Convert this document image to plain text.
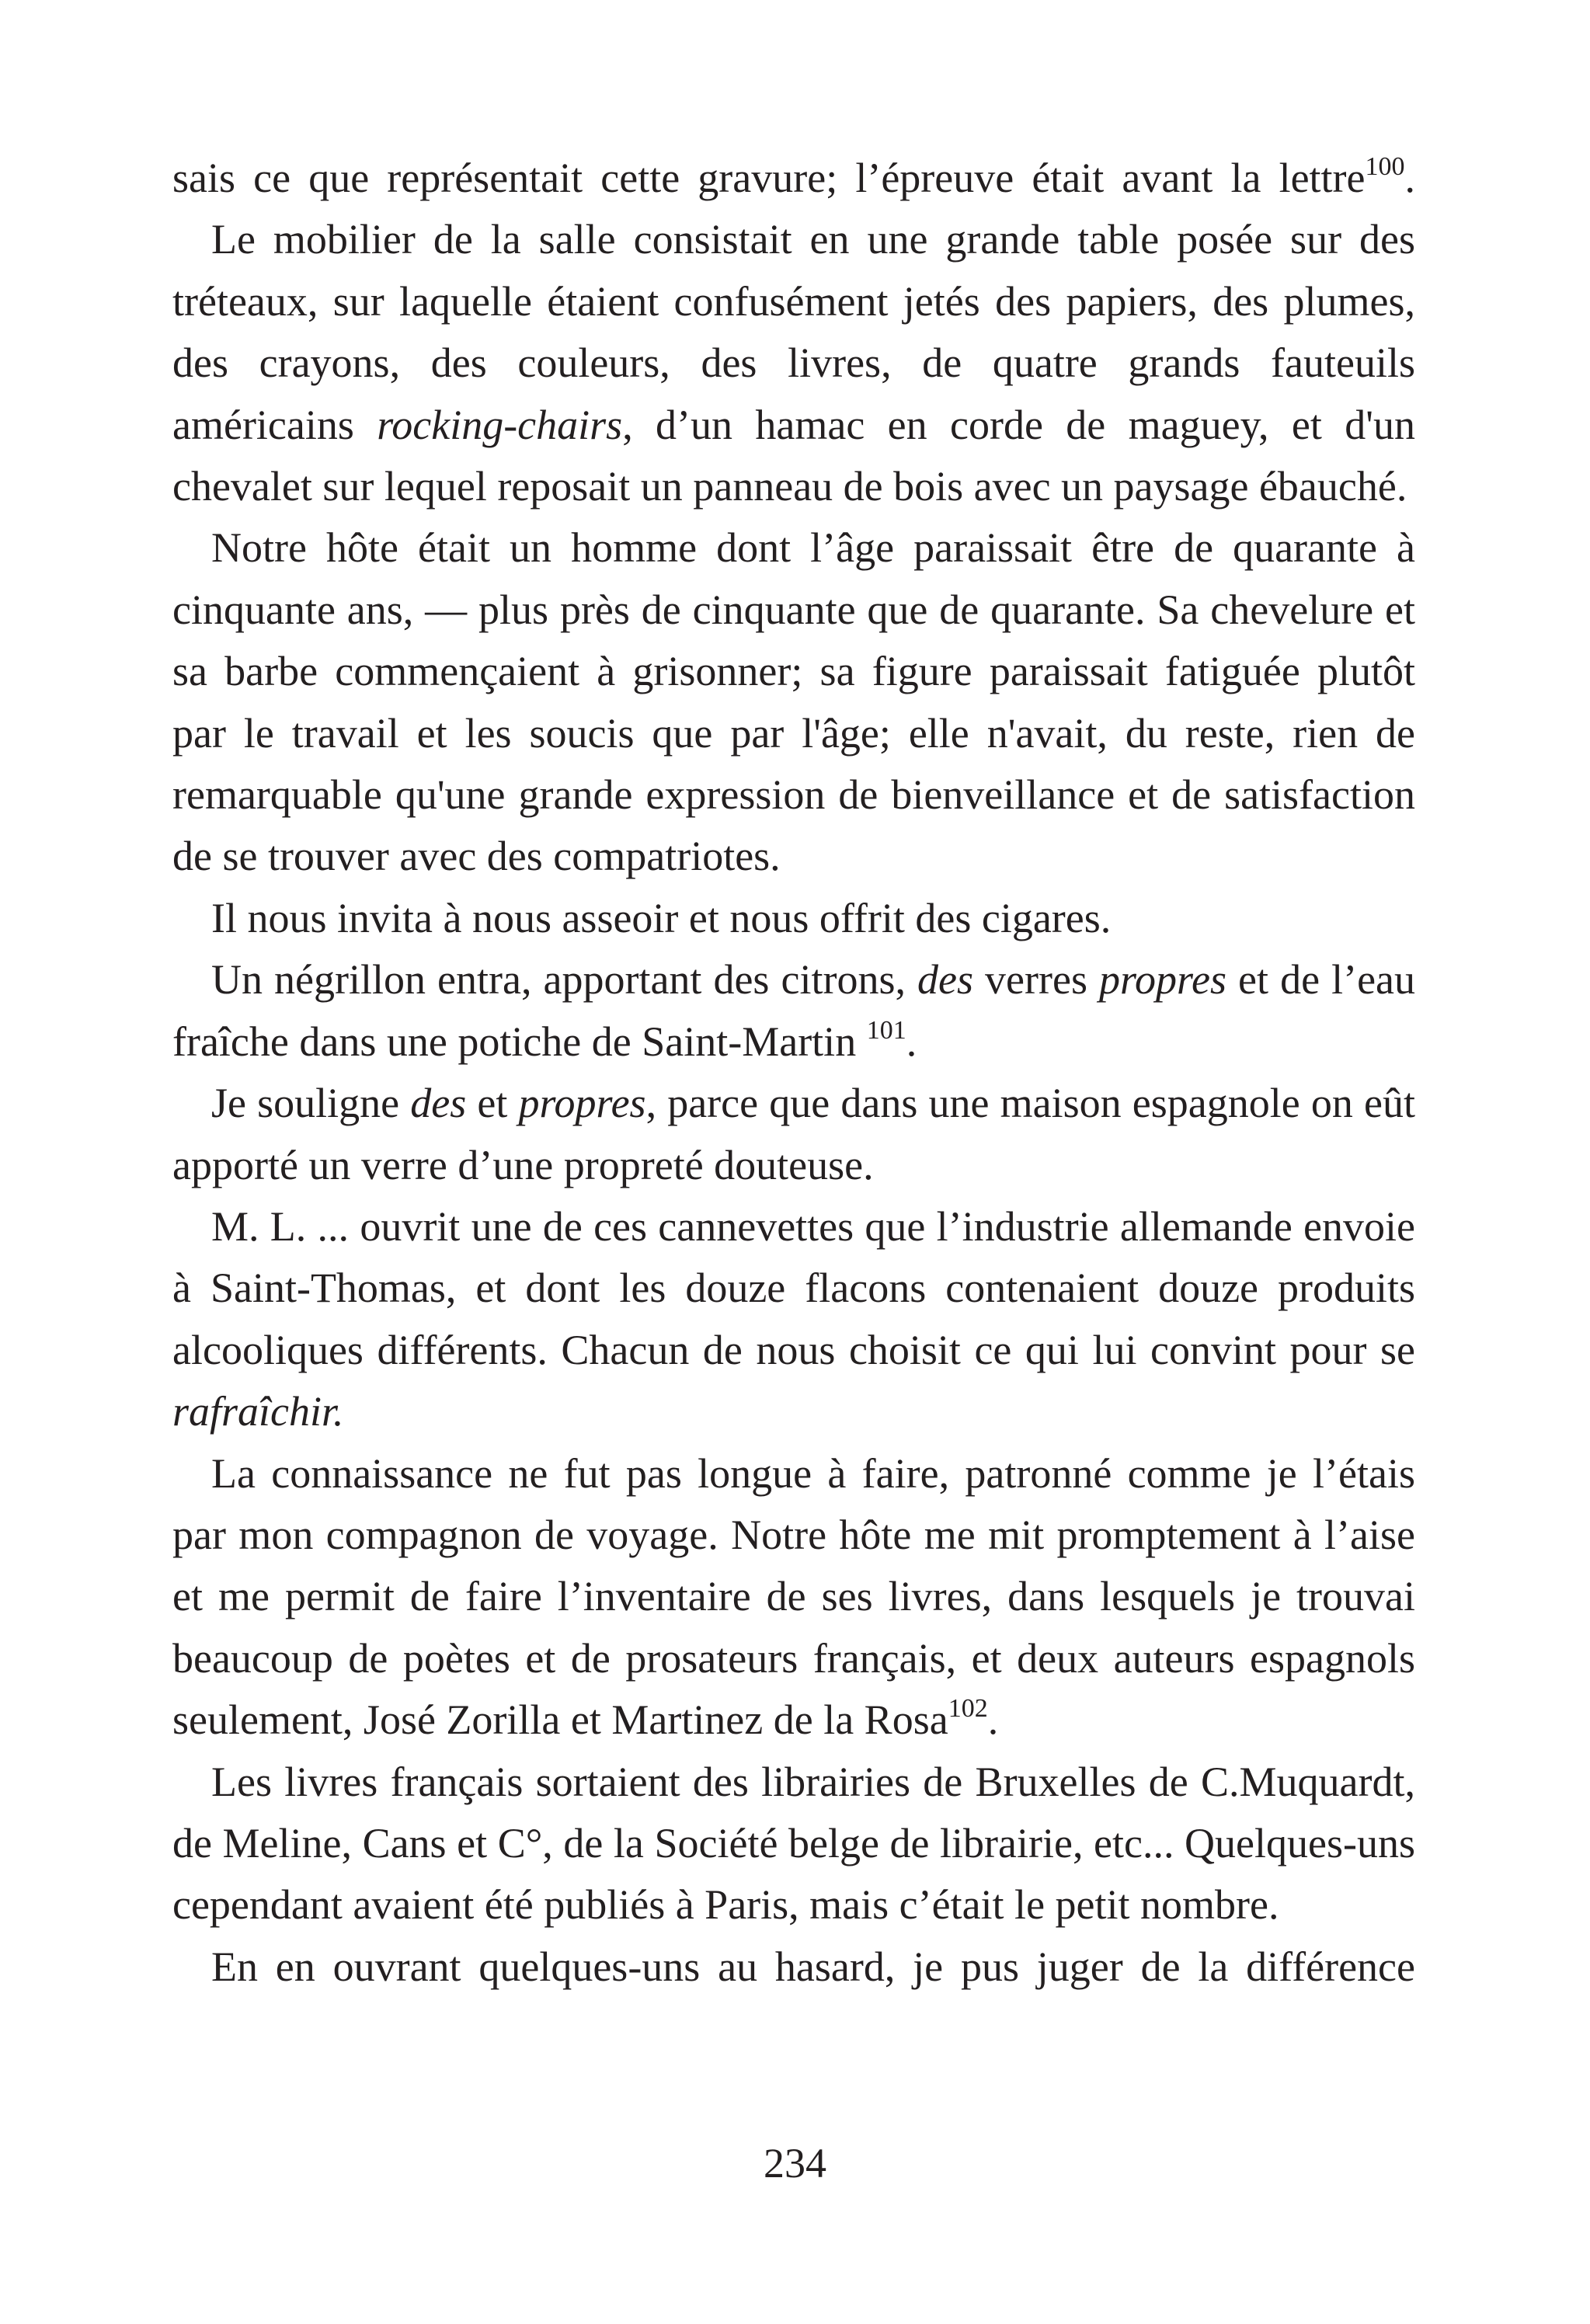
sais ce que représentait cette gravure; l’épreuve était avant la lettre$^{100}$.

Le mobilier de la salle consistait en une grande table posée sur des tréteaux, sur laquelle étaient confusément jetés des papiers, des plumes, des crayons, des couleurs, des livres, de quatre grands fauteuils américains rocking-chairs, d’un hamac en corde de maguey, et d'un chevalet sur lequel reposait un panneau de bois avec un paysage ébauché.

Notre hôte était un homme dont l’âge paraissait être de quarante à cinquante ans, — plus près de cinquante que de quarante. Sa chevelure et sa barbe commençaient à grisonner; sa figure paraissait fatiguée plutôt par le travail et les soucis que par l'âge; elle n'avait, du reste, rien de remarquable qu'une grande expression de bienveillance et de satisfaction de se trouver avec des compatriotes.

Il nous invita à nous asseoir et nous offrit des cigares.

Un négrillon entra, apportant des citrons, des verres propres et de l’eau fraîche dans une potiche de Saint-Martin $^{101}$.

Je souligne des et propres, parce que dans une maison espagnole on eût apporté un verre d’une propreté douteuse.

M. L. ... ouvrit une de ces cannevettes que l’industrie allemande envoie à Saint-Thomas, et dont les douze flacons contenaient douze produits alcooliques différents. Chacun de nous choisit ce qui lui convint pour se rafraîchir.

La connaissance ne fut pas longue à faire, patronné comme je l’étais par mon compagnon de voyage. Notre hôte me mit promptement à l’aise et me permit de faire l’inventaire de ses livres, dans lesquels je trouvai beaucoup de poètes et de prosateurs français, et deux auteurs espagnols seulement, José Zorilla et Martinez de la Rosa$^{102}$.

Les livres français sortaient des librairies de Bruxelles de C.Muquardt, de Meline, Cans et C°, de la Société belge de librairie, etc... Quelques-uns cependant avaient été publiés à Paris, mais c’était le petit nombre.

En en ouvrant quelques-uns au hasard, je pus juger de la différence

234
